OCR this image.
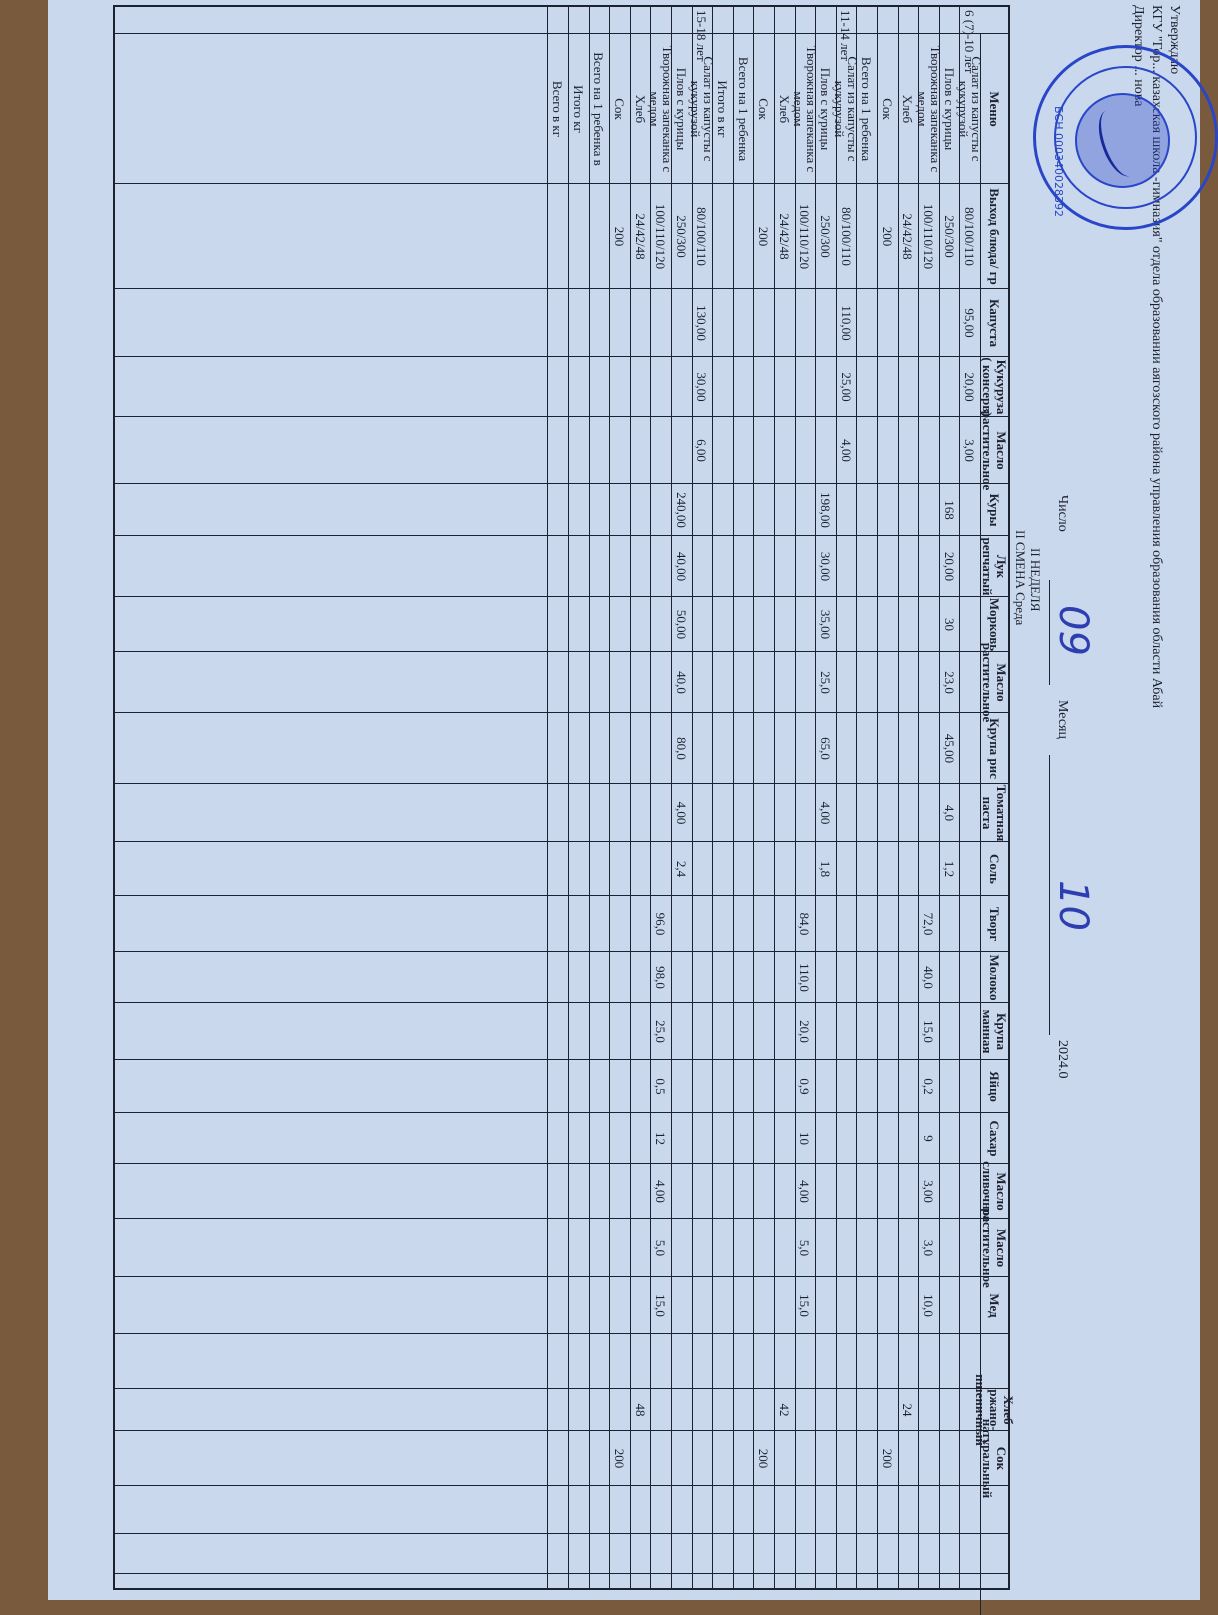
Утверждаю
КГУ "Гор... казахская школа -гимназия" отдела образовании аягозского района управления образования области Абай
Директор ... нова
БСН 000340028392
Число
09
Месяц
10
2024.0
II НЕДЕЛЯ
II СМЕНА Среда
Меню
Выход блюда/ гр
Капуста
Кукуруза ( консерв)
Масло растительное
Куры
Лук репчатый
Морковь
Масло растительное
Крупа рис
Томатная паста
Соль
Творг
Молоко
Крупа манная
Яйцо
Сахар
Масло сливочное
Масло растительное
Мед
Хлеб ржано-пшеничный
Сок натуральный
6 (7)-10 лет
Салат из капусты с кукурузой
80/100/110
95,00
20,00
3,00
Плов с курицы
250/300
168
20,00
30
23,0
45,00
4,0
1,2
Творожная запеканка с медом
100/110/120
72,0
40,0
15,0
0,2
9
3,00
3,0
10,0
Хлеб
24/42/48
24
Сок
200
200
Всего на 1 ребенка
11-14 лет
Салат из капусты с кукурузой
80/100/110
110,00
25,00
4,00
Плов с курицы
250/300
198,00
30,00
35,00
25,0
65,0
4,00
1,8
Творожная запеканка с медом
100/110/120
84,0
110,0
20,0
0,9
10
4,00
5,0
15,0
Хлеб
24/42/48
42
Сок
200
200
Всего на 1 ребенка
Итого в кг
15-18 лет
Салат из капусты с кукурузой
80/100/110
130,00
30,00
6,00
Плов с курицы
250/300
240,00
40,00
50,00
40,0
80,0
4,00
2,4
Творожная запеканка с медом
100/110/120
96,0
98,0
25,0
0,5
12
4,00
5,0
15,0
Хлеб
24/42/48
48
Сок
200
200
Всего на 1 ребенка в
Итого кг
Всего в кг
